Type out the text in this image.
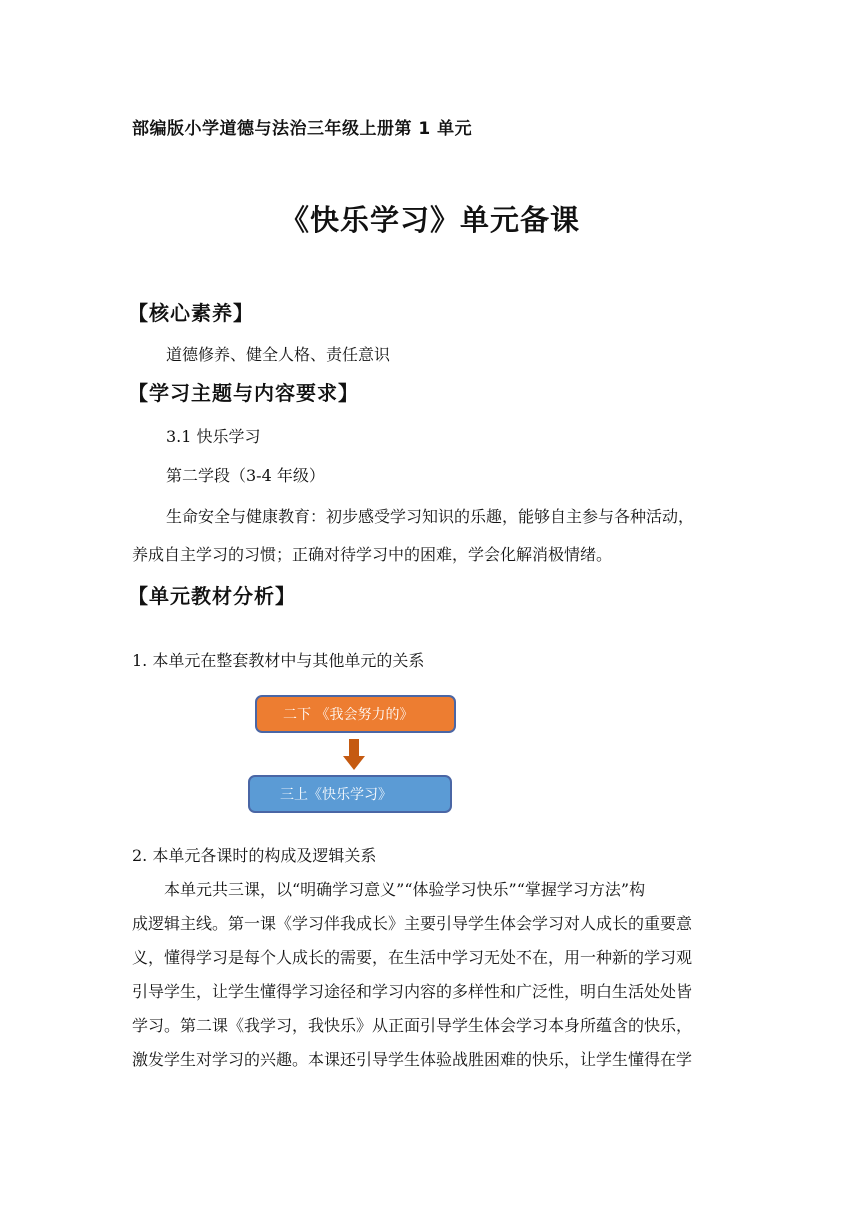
部编版小学道德与法治三年级上册第 1 单元
《快乐学习》单元备课
【核心素养】
道德修养、健全人格、责任意识
【学习主题与内容要求】
3.1 快乐学习
第二学段（3-4 年级）
生命安全与健康教育：初步感受学习知识的乐趣，能够自主参与各种活动，
养成自主学习的习惯；正确对待学习中的困难，学会化解消极情绪。
【单元教材分析】
1. 本单元在整套教材中与其他单元的关系
二下 《我会努力的》
三上《快乐学习》
2. 本单元各课时的构成及逻辑关系
本单元共三课，以“明确学习意义”“体验学习快乐”“掌握学习方法”构
成逻辑主线。第一课《学习伴我成长》主要引导学生体会学习对人成长的重要意
义，懂得学习是每个人成长的需要，在生活中学习无处不在，用一种新的学习观
引导学生，让学生懂得学习途径和学习内容的多样性和广泛性，明白生活处处皆
学习。第二课《我学习，我快乐》从正面引导学生体会学习本身所蕴含的快乐，
激发学生对学习的兴趣。本课还引导学生体验战胜困难的快乐，让学生懂得在学
